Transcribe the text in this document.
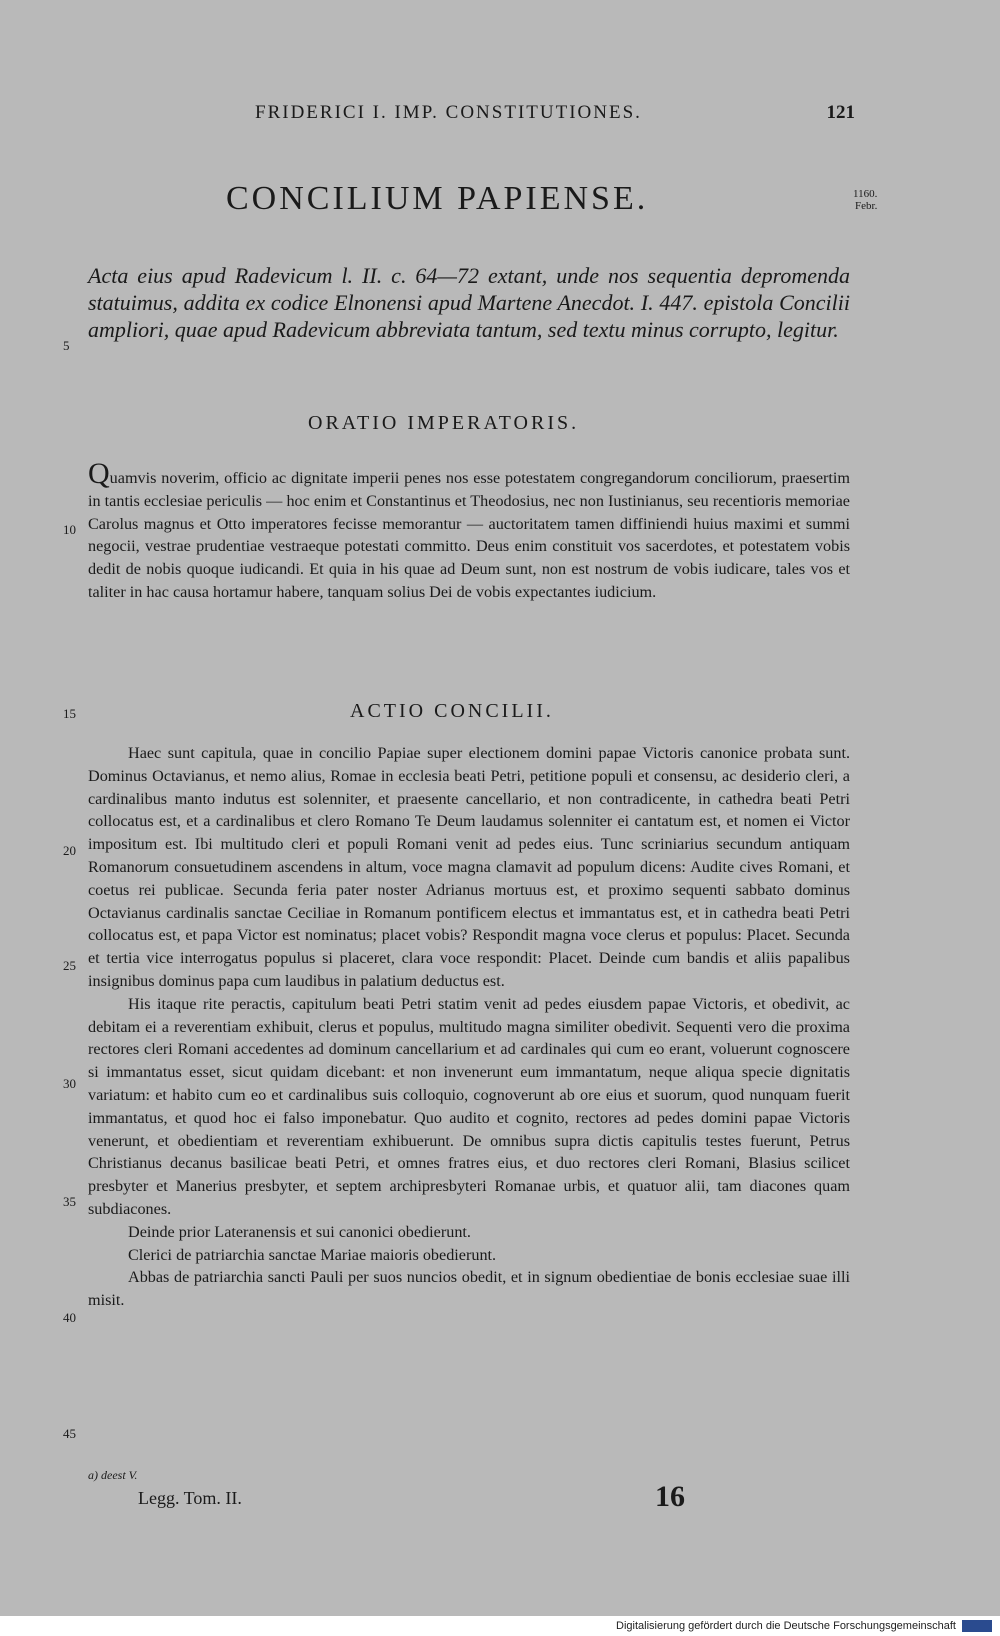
FRIDERICI I. IMP. CONSTITUTIONES.	121
CONCILIUM PAPIENSE.	1160.
Febr.

Acta eius apud Radevicum l. II. c. 64—72 extant, unde nos sequentia depromenda statuimus, addita ex codice Elnonensi apud Martene Anecdot. I. 447. epistola Concilii ampliori, quae apud Radevicum abbreviata tantum, sed textu minus corrupto, legitur.

5
10
15
20
25
30
35
40
45
ORATIO IMPERATORIS.

Quamvis noverim, officio ac dignitate imperii penes nos esse potestatem congregandorum conciliorum, praesertim in tantis ecclesiae periculis — hoc enim et Constantinus et Theodosius, nec non Iustinianus, seu recentioris memoriae Carolus magnus et Otto imperatores fecisse memorantur — auctoritatem tamen diffiniendi huius maximi et summi negocii, vestrae prudentiae vestraeque potestati committo. Deus enim constituit vos sacerdotes, et potestatem vobis dedit de nobis quoque iudicandi. Et quia in his quae ad Deum sunt, non est nostrum de vobis iudicare, tales vos et taliter in hac causa hortamur habere, tanquam solius Dei de vobis expectantes iudicium.

ACTIO CONCILII.

Haec sunt capitula, quae in concilio Papiae super electionem domini papae Victoris canonice probata sunt. Dominus Octavianus, et nemo alius, Romae in ecclesia beati Petri, petitione populi et consensu, ac desiderio cleri, a cardinalibus manto indutus est solenniter, et praesente cancellario, et non contradicente, in cathedra beati Petri collocatus est, et a cardinalibus et clero Romano Te Deum laudamus solenniter ei cantatum est, et nomen ei Victor impositum est. Ibi multitudo cleri et populi Romani venit ad pedes eius. Tunc scriniarius secundum antiquam Romanorum consuetudinem ascendens in altum, voce magna clamavit ad populum dicens: Audite cives Romani, et coetus rei publicae. Secunda feria pater noster Adrianus mortuus est, et proximo sequenti sabbato dominus Octavianus cardinalis sanctae Ceciliae in Romanum pontificem electus et immantatus est, et in cathedra beati Petri collocatus est, et papa Victor est nominatus; placet vobis? Respondit magna voce clerus et populus: Placet. Secunda et tertia vice interrogatus populus si placeret, clara voce respondit: Placet. Deinde cum bandis et aliis papalibus insignibus dominus papa cum laudibus in palatium deductus est.

His itaque rite peractis, capitulum beati Petri statim venit ad pedes eiusdem papae Victoris, et obedivit, ac debitam ei a reverentiam exhibuit, clerus et populus, multitudo magna similiter obedivit. Sequenti vero die proxima rectores cleri Romani accedentes ad dominum cancellarium et ad cardinales qui cum eo erant, voluerunt cognoscere si immantatus esset, sicut quidam dicebant: et non invenerunt eum immantatum, neque aliqua specie dignitatis variatum: et habito cum eo et cardinalibus suis colloquio, cognoverunt ab ore eius et suorum, quod nunquam fuerit immantatus, et quod hoc ei falso imponebatur. Quo audito et cognito, rectores ad pedes domini papae Victoris venerunt, et obedientiam et reverentiam exhibuerunt. De omnibus supra dictis capitulis testes fuerunt, Petrus Christianus decanus basilicae beati Petri, et omnes fratres eius, et duo rectores cleri Romani, Blasius scilicet presbyter et Manerius presbyter, et septem archipresbyteri Romanae urbis, et quatuor alii, tam diacones quam subdiacones.

Deinde prior Lateranensis et sui canonici obedierunt.

Clerici de patriarchia sanctae Mariae maioris obedierunt.

Abbas de patriarchia sancti Pauli per suos nuncios obedit, et in signum obedientiae de bonis ecclesiae suae illi misit.

a) deest V.
Legg. Tom. II.	16
Digitalisierung gefördert durch die Deutsche Forschungsgemeinschaft
